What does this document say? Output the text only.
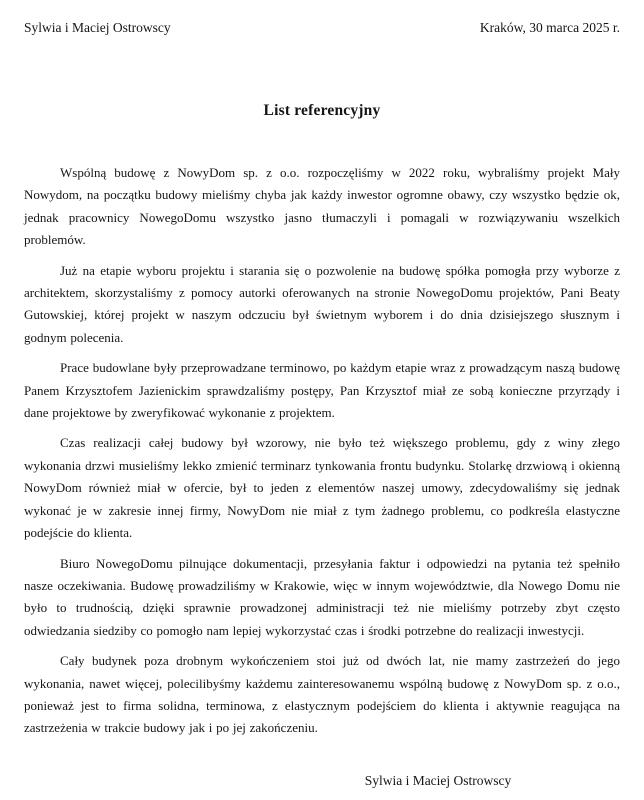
Sylwia i Maciej Ostrowscy	Kraków, 30 marca 2025 r.
List referencyjny

Wspólną budowę z NowyDom sp. z o.o. rozpoczęliśmy w 2022 roku, wybraliśmy projekt Mały Nowydom, na początku budowy mieliśmy chyba jak każdy inwestor ogromne obawy, czy wszystko będzie ok, jednak pracownicy NowegoDomu wszystko jasno tłumaczyli i pomagali w rozwiązywaniu wszelkich problemów.

Już na etapie wyboru projektu i starania się o pozwolenie na budowę spółka pomogła przy wyborze z architektem, skorzystaliśmy z pomocy autorki oferowanych na stronie NowegoDomu projektów, Pani Beaty Gutowskiej, której projekt w naszym odczuciu był świetnym wyborem i do dnia dzisiejszego słusznym i godnym polecenia.

Prace budowlane były przeprowadzane terminowo, po każdym etapie wraz z prowadzącym naszą budowę Panem Krzysztofem Jazienickim sprawdzaliśmy postępy, Pan Krzysztof miał ze sobą konieczne przyrządy i dane projektowe by zweryfikować wykonanie z projektem.

Czas realizacji całej budowy był wzorowy, nie było też większego problemu, gdy z winy złego wykonania drzwi musieliśmy lekko zmienić terminarz tynkowania frontu budynku. Stolarkę drzwiową i okienną NowyDom również miał w ofercie, był to jeden z elementów naszej umowy, zdecydowaliśmy się jednak wykonać je w zakresie innej firmy, NowyDom nie miał z tym żadnego problemu, co podkreśla elastyczne podejście do klienta.

Biuro NowegoDomu pilnujące dokumentacji, przesyłania faktur i odpowiedzi na pytania też spełniło nasze oczekiwania. Budowę prowadziliśmy w Krakowie, więc w innym województwie, dla Nowego Domu nie było to trudnością, dzięki sprawnie prowadzonej administracji też nie mieliśmy potrzeby zbyt często odwiedzania siedziby co pomogło nam lepiej wykorzystać czas i środki potrzebne do realizacji inwestycji.

Cały budynek poza drobnym wykończeniem stoi już od dwóch lat, nie mamy zastrzeżeń do jego wykonania, nawet więcej, polecilibyśmy każdemu zainteresowanemu wspólną budowę z NowyDom sp. z o.o., ponieważ jest to firma solidna, terminowa, z elastycznym podejściem do klienta i aktywnie reagująca na zastrzeżenia w trakcie budowy jak i po jej zakończeniu.

Sylwia i Maciej Ostrowscy
